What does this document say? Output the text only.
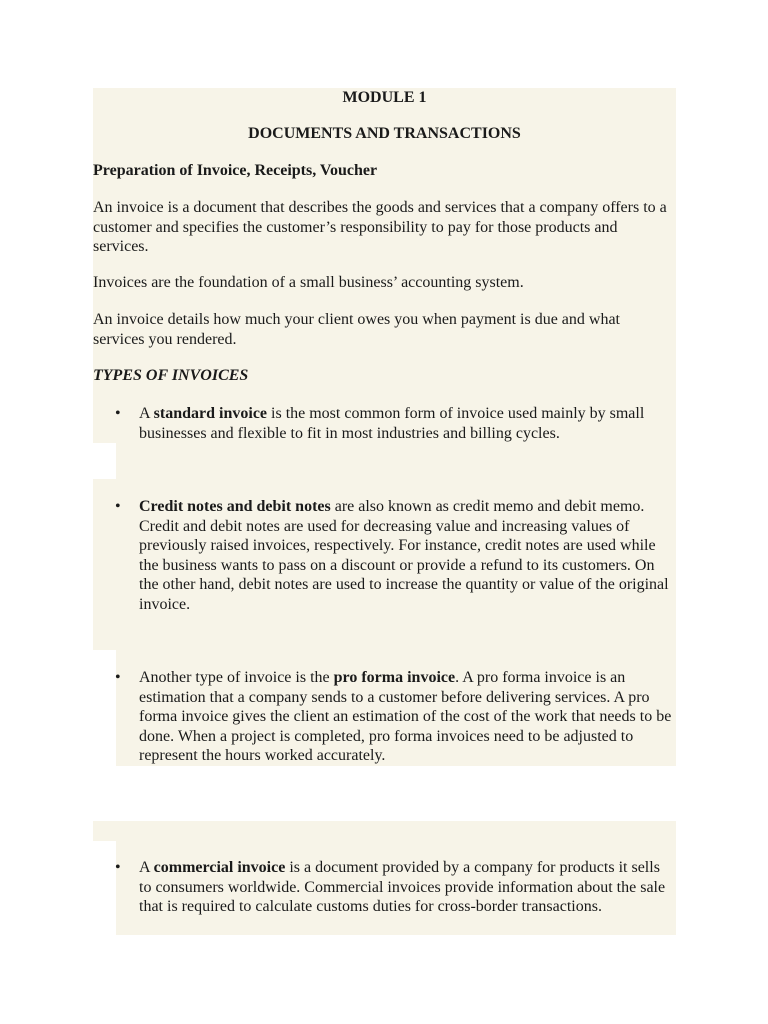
MODULE 1
DOCUMENTS AND TRANSACTIONS
Preparation of Invoice, Receipts, Voucher

An invoice is a document that describes the goods and services that a company offers to a customer and specifies the customer’s responsibility to pay for those products and services.

Invoices are the foundation of a small business’ accounting system.

An invoice details how much your client owes you when payment is due and what services you rendered.

TYPES OF INVOICES
• A standard invoice is the most common form of invoice used mainly by small businesses and flexible to fit in most industries and billing cycles.

• Credit notes and debit notes are also known as credit memo and debit memo. Credit and debit notes are used for decreasing value and increasing values of previously raised invoices, respectively. For instance, credit notes are used while the business wants to pass on a discount or provide a refund to its customers. On the other hand, debit notes are used to increase the quantity or value of the original invoice.

• Another type of invoice is the pro forma invoice. A pro forma invoice is an estimation that a company sends to a customer before delivering services. A pro forma invoice gives the client an estimation of the cost of the work that needs to be done. When a project is completed, pro forma invoices need to be adjusted to represent the hours worked accurately.

• A commercial invoice is a document provided by a company for products it sells to consumers worldwide. Commercial invoices provide information about the sale that is required to calculate customs duties for cross-border transactions.
